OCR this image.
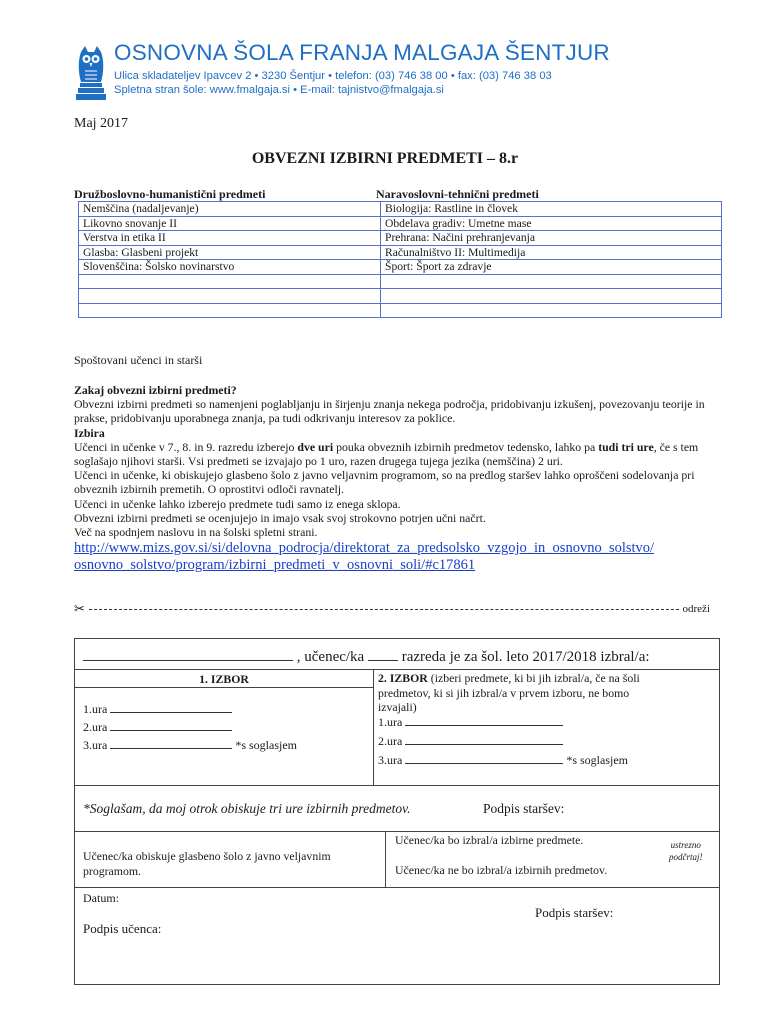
OSNOVNA ŠOLA FRANJA MALGAJA ŠENTJUR
Ulica skladateljev Ipavcev 2 • 3230 Šentjur • telefon: (03) 746 38 00 • fax: (03) 746 38 03
Spletna stran šole: www.fmalgaja.si • E-mail: tajnistvo@fmalgaja.si
Maj 2017
OBVEZNI IZBIRNI PREDMETI – 8.r
Družboslovno-humanistični predmeti	Naravoslovni-tehnični predmeti
Nemščina (nadaljevanje)	Biologija: Rastline in človek
Likovno snovanje II	Obdelava gradiv: Umetne mase
Verstva in etika II	Prehrana: Načini prehranjevanja
Glasba: Glasbeni projekt	Računalništvo II: Multimedija
Slovenščina: Šolsko novinarstvo	Šport: Šport za zdravje

Spoštovani učenci in starši

Zakaj obvezni izbirni predmeti?

Obvezni izbirni predmeti so namenjeni poglabljanju in širjenju znanja nekega področja, pridobivanju izkušenj, povezovanju teorije in prakse, pridobivanju uporabnega znanja, pa tudi odkrivanju interesov za poklice.

Izbira

Učenci in učenke v 7., 8. in 9. razredu izberejo dve uri pouka obveznih izbirnih predmetov tedensko, lahko pa tudi tri ure, če s tem soglašajo njihovi starši. Vsi predmeti se izvajajo po 1 uro, razen drugega tujega jezika (nemščina) 2 uri.

Učenci in učenke, ki obiskujejo glasbeno šolo z javno veljavnim programom, so na predlog staršev lahko oproščeni sodelovanja pri obveznih izbirnih premetih. O oprostitvi odloči ravnatelj.

Učenci in učenke lahko izberejo predmete tudi samo iz enega sklopa.

Obvezni izbirni predmeti se ocenjujejo in imajo vsak svoj strokovno potrjen učni načrt.

Več na spodnjem naslovu in na šolski spletni strani.

http://www.mizs.gov.si/si/delovna_podrocja/direktorat_za_predsolsko_vzgojo_in_osnovno_solstvo/
osnovno_solstvo/program/izbirni_predmeti_v_osnovni_soli/#c17861
✂	odreži
, učenec/ka	razreda je za šol. leto 2017/2018 izbral/a:
1. IZBOR
1.ura
2.ura
3.ura	*s soglasjem
2. IZBOR (izberi predmete, ki bi jih izbral/a, če na šoli
predmetov, ki si jih izbral/a v prvem izboru, ne bomo
izvajali)
1.ura
2.ura
3.ura	*s soglasjem
*Soglašam, da moj otrok obiskuje tri ure izbirnih predmetov.	Podpis staršev:
Učenec/ka obiskuje glasbeno šolo z javno veljavnim
programom.
Učenec/ka bo izbral/a izbirne predmete.
Učenec/ka ne bo izbral/a izbirnih predmetov.
ustrezno
podčrtaj!
Datum:
Podpis učenca:
Podpis staršev:
